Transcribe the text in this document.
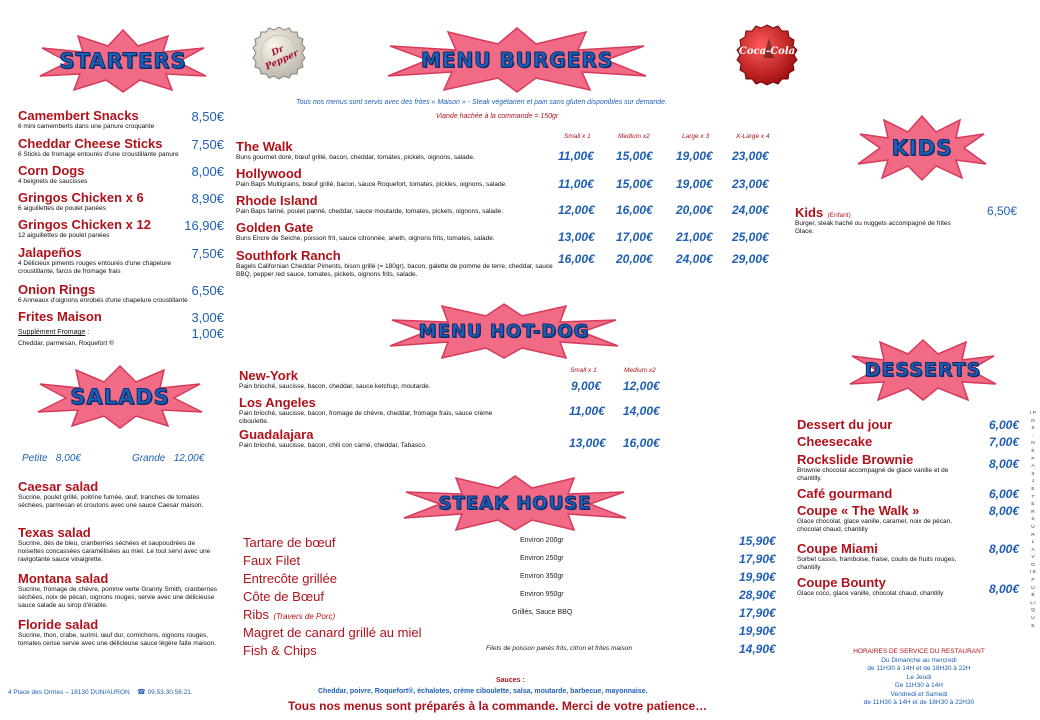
STARTERS	MENU BURGERS
MENU HOT-DOG
STEAK HOUSE
SALADS
KIDS
DESSERTS
Dr Pepper	Coca-Cola
Tous nos menus sont servis avec des frites « Maison » - Steak végétarien et pain sans gluten disponibles sur demande.
Viande hachée à la commande = 150gr
Camembert Snacks
6 mini camemberts dans une panure croquante
8,50€
Cheddar Cheese Sticks
6 Sticks de fromage entourés d'une croustillante panure
7,50€
Corn Dogs
4 beignets de saucisses
8,00€
Gringos Chicken x 6
6 aiguillettes de poulet panées
8,90€
Gringos Chicken x 12
12 aiguillettes de poulet panées
16,90€
Jalapeños
4 Délicieux piments rouges entourés d'une chapelure croustillante, farcis de fromage frais
7,50€
Onion Rings
6 Anneaux d'oignons enrobés d'une chapelure croustillante
6,50€
Frites Maison	3,00€
Supplément Fromage :
Cheddar, parmesan, Roquefort ®
1,00€
Petite 8,00€	Grande 12,00€
Caesar salad
Sucrine, poulet grillé, poitrine fumée, œuf, tranches de tomates séchées, parmesan et croutons avec une sauce Caesar maison.
Texas salad
Sucrine, dés de bleu, cranberries séchées et saupoudrées de noisettes concassées caramélisées au miel. Le tout servi avec une ravigotante sauce vinaigrette.
Montana salad
Sucrine, fromage de chèvre, pomme verte Granny Smith, cranberries séchées, noix de pécan, oignons rouges, servie avec une délicieuse sauce salade au sirop d'érable.
Floride salad
Sucrine, thon, crabe, surimi, œuf dur, cornichons, oignons rouges, tomates cerise servie avec une délicieuse sauce légère faite maison.
Small x 1	Medium x2	Large x 3	X-Large x 4
The Walk
Buns gourmet doré, bœuf grillé, bacon, cheddar, tomates, pickels, oignons, salade.	11,00€ 15,00€ 19,00€ 23,00€
Hollywood
Pain Baps Multigrains, bœuf grillé, bacon, sauce Roquefort, tomates, pickles, oignons, salade.	11,00€ 15,00€ 19,00€ 23,00€
Rhode Island
Pain Baps fariné, poulet panné, cheddar, sauce moutarde, tomates, pickels, oignons, salade.	12,00€ 16,00€ 20,00€ 24,00€
Golden Gate
Buns Encre de Seiche, poisson frit, sauce citronnée, aneth, oignons frits, tomates, salade.	13,00€ 17,00€ 21,00€ 25,00€
Southfork Ranch
Bagels Californian Cheddar Piments, bison grillé (= 180gr), bacon, galette de pomme de terre, cheddar, sauce BBQ, pepper red sauce, tomates, pickels, oignons frits, salade.
16,00€ 20,00€ 24,00€ 29,00€
Small x 1	Medium x2
New-York
Pain brioché, saucisse, bacon, cheddar, sauce ketchup, moutarde.	9,00€ 12,00€
Los Angeles
Pain brioché, saucisse, bacon, fromage de chèvre, cheddar, fromage frais, sauce crème ciboulette.
11,00€ 14,00€
Guadalajara
Pain brioché, saucisse, bacon, chili con carné, cheddar, Tabasco.	13,00€ 16,00€
Tartare de bœuf	Environ 200gr	15,90€
Faux Filet	Environ 250gr	17,90€
Entrecôte grillée	Environ 350gr	19,90€
Côte de Bœuf	Environ 950gr	28,90€
Ribs (Travers de Porc)	Grillés, Sauce BBQ	17,90€
Magret de canard grillé au miel	19,90€
Fish & Chips	Filets de poisson panés frits, citron et frites maison	14,90€
Kids (Enfant)	6,50€
Burger, steak haché ou nuggets accompagné de frites Glace.
Dessert du jour	6,00€
Cheesecake	7,00€
Rockslide Brownie
Brownie chocolat accompagné de glace vanille et de chantilly.
8,00€
Café gourmand	6,00€
Coupe « The Walk »
Glace chocolat, glace vanille, caramel, noix de pécan, chocolat chaud, chantilly
8,00€
Coupe Miami
Sorbet cassis, framboise, fraise, coulis de fruits rouges, chantilly
8,00€
Coupe Bounty
Glace coco, glace vanille, chocolat chaud, chantilly	8,00€
HORAIRES DE SERVICE DU RESTAURANT
Du Dimanche au mercredi
de 11H30 à 14H et de 18H30 à 22H
Le Jeudi
De 11H30 à 14H
Vendredi et Samedi
de 11H30 à 14H et de 18H30 à 22H30
I P N S - N E P A S J E T E R S U R L A V O I E P U B L I Q U E
4 Place des Ormes – 18130 DUN/AURON ☎ 09.53.30.56.21.
Sauces :
Cheddar, poivre, Roquefort®, échalotes, crème ciboulette, salsa, moutarde, barbecue, mayonnaise.
Tous nos menus sont préparés à la commande. Merci de votre patience…
